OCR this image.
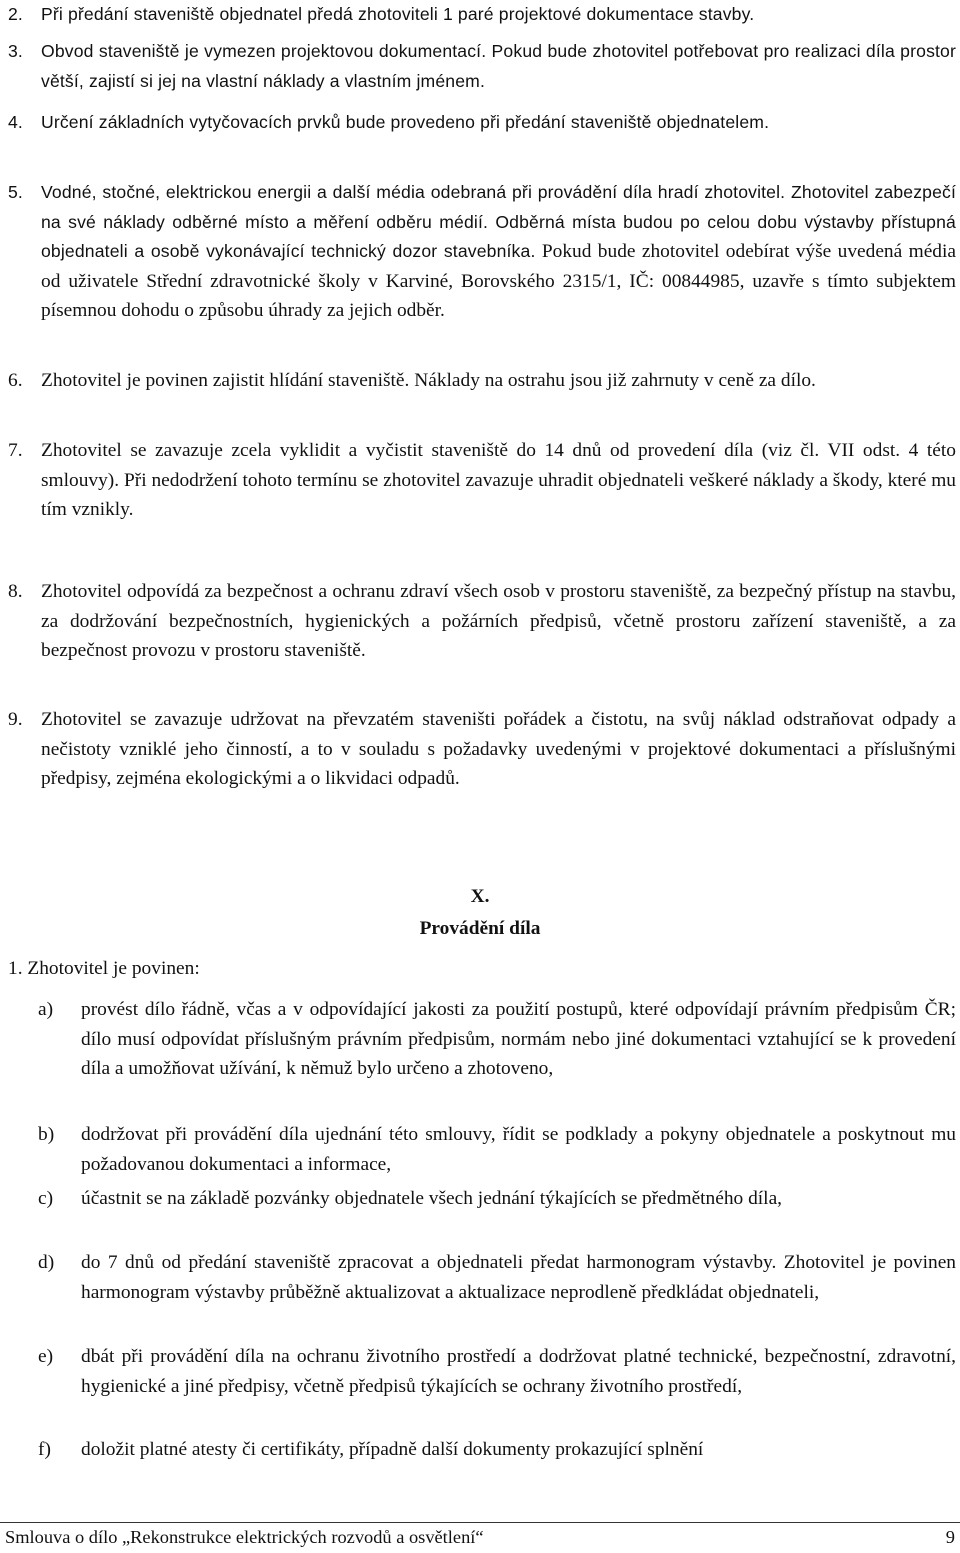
2. Při předání staveniště objednatel předá zhotoviteli 1 paré projektové dokumentace stavby.

3. Obvod staveniště je vymezen projektovou dokumentací. Pokud bude zhotovitel potřebovat pro realizaci díla prostor větší, zajistí si jej na vlastní náklady a vlastním jménem.

4. Určení základních vytyčovacích prvků bude provedeno při předání staveniště objednatelem.

5. Vodné, stočné, elektrickou energii a další média odebraná při provádění díla hradí zhotovitel. Zhotovitel zabezpečí na své náklady odběrné místo a měření odběru médií. Odběrná místa budou po celou dobu výstavby přístupná objednateli a osobě vykonávající technický dozor stavebníka. Pokud bude zhotovitel odebírat výše uvedená média od uživatele Střední zdravotnické školy v Karviné, Borovského 2315/1, IČ: 00844985, uzavře s tímto subjektem písemnou dohodu o způsobu úhrady za jejich odběr.

6. Zhotovitel je povinen zajistit hlídání staveniště. Náklady na ostrahu jsou již zahrnuty v ceně za dílo.

7. Zhotovitel se zavazuje zcela vyklidit a vyčistit staveniště do 14 dnů od provedení díla (viz čl. VII odst. 4 této smlouvy). Při nedodržení tohoto termínu se zhotovitel zavazuje uhradit objednateli veškeré náklady a škody, které mu tím vznikly.

8. Zhotovitel odpovídá za bezpečnost a ochranu zdraví všech osob v prostoru staveniště, za bezpečný přístup na stavbu, za dodržování bezpečnostních, hygienických a požárních předpisů, včetně prostoru zařízení staveniště, a za bezpečnost provozu v prostoru staveniště.

9. Zhotovitel se zavazuje udržovat na převzatém staveništi pořádek a čistotu, na svůj náklad odstraňovat odpady a nečistoty vzniklé jeho činností, a to v souladu s požadavky uvedenými v projektové dokumentaci a příslušnými předpisy, zejména ekologickými a o likvidaci odpadů.

X.

Provádění díla

1. Zhotovitel je povinen:

a) provést dílo řádně, včas a v odpovídající jakosti za použití postupů, které odpovídají právním předpisům ČR; dílo musí odpovídat příslušným právním předpisům, normám nebo jiné dokumentaci vztahující se k provedení díla a umožňovat užívání, k němuž bylo určeno a zhotoveno,

b) dodržovat při provádění díla ujednání této smlouvy, řídit se podklady a pokyny objednatele a poskytnout mu požadovanou dokumentaci a informace,

c) účastnit se na základě pozvánky objednatele všech jednání týkajících se předmětného díla,

d) do 7 dnů od předání staveniště zpracovat a objednateli předat harmonogram výstavby. Zhotovitel je povinen harmonogram výstavby průběžně aktualizovat a aktualizace neprodleně předkládat objednateli,

e) dbát při provádění díla na ochranu životního prostředí a dodržovat platné technické, bezpečnostní, zdravotní, hygienické a jiné předpisy, včetně předpisů týkajících se ochrany životního prostředí,

f) doložit platné atesty či certifikáty, případně další dokumenty prokazující splnění

Smlouva o dílo „Rekonstrukce elektrických rozvodů a osvětlení“	9
